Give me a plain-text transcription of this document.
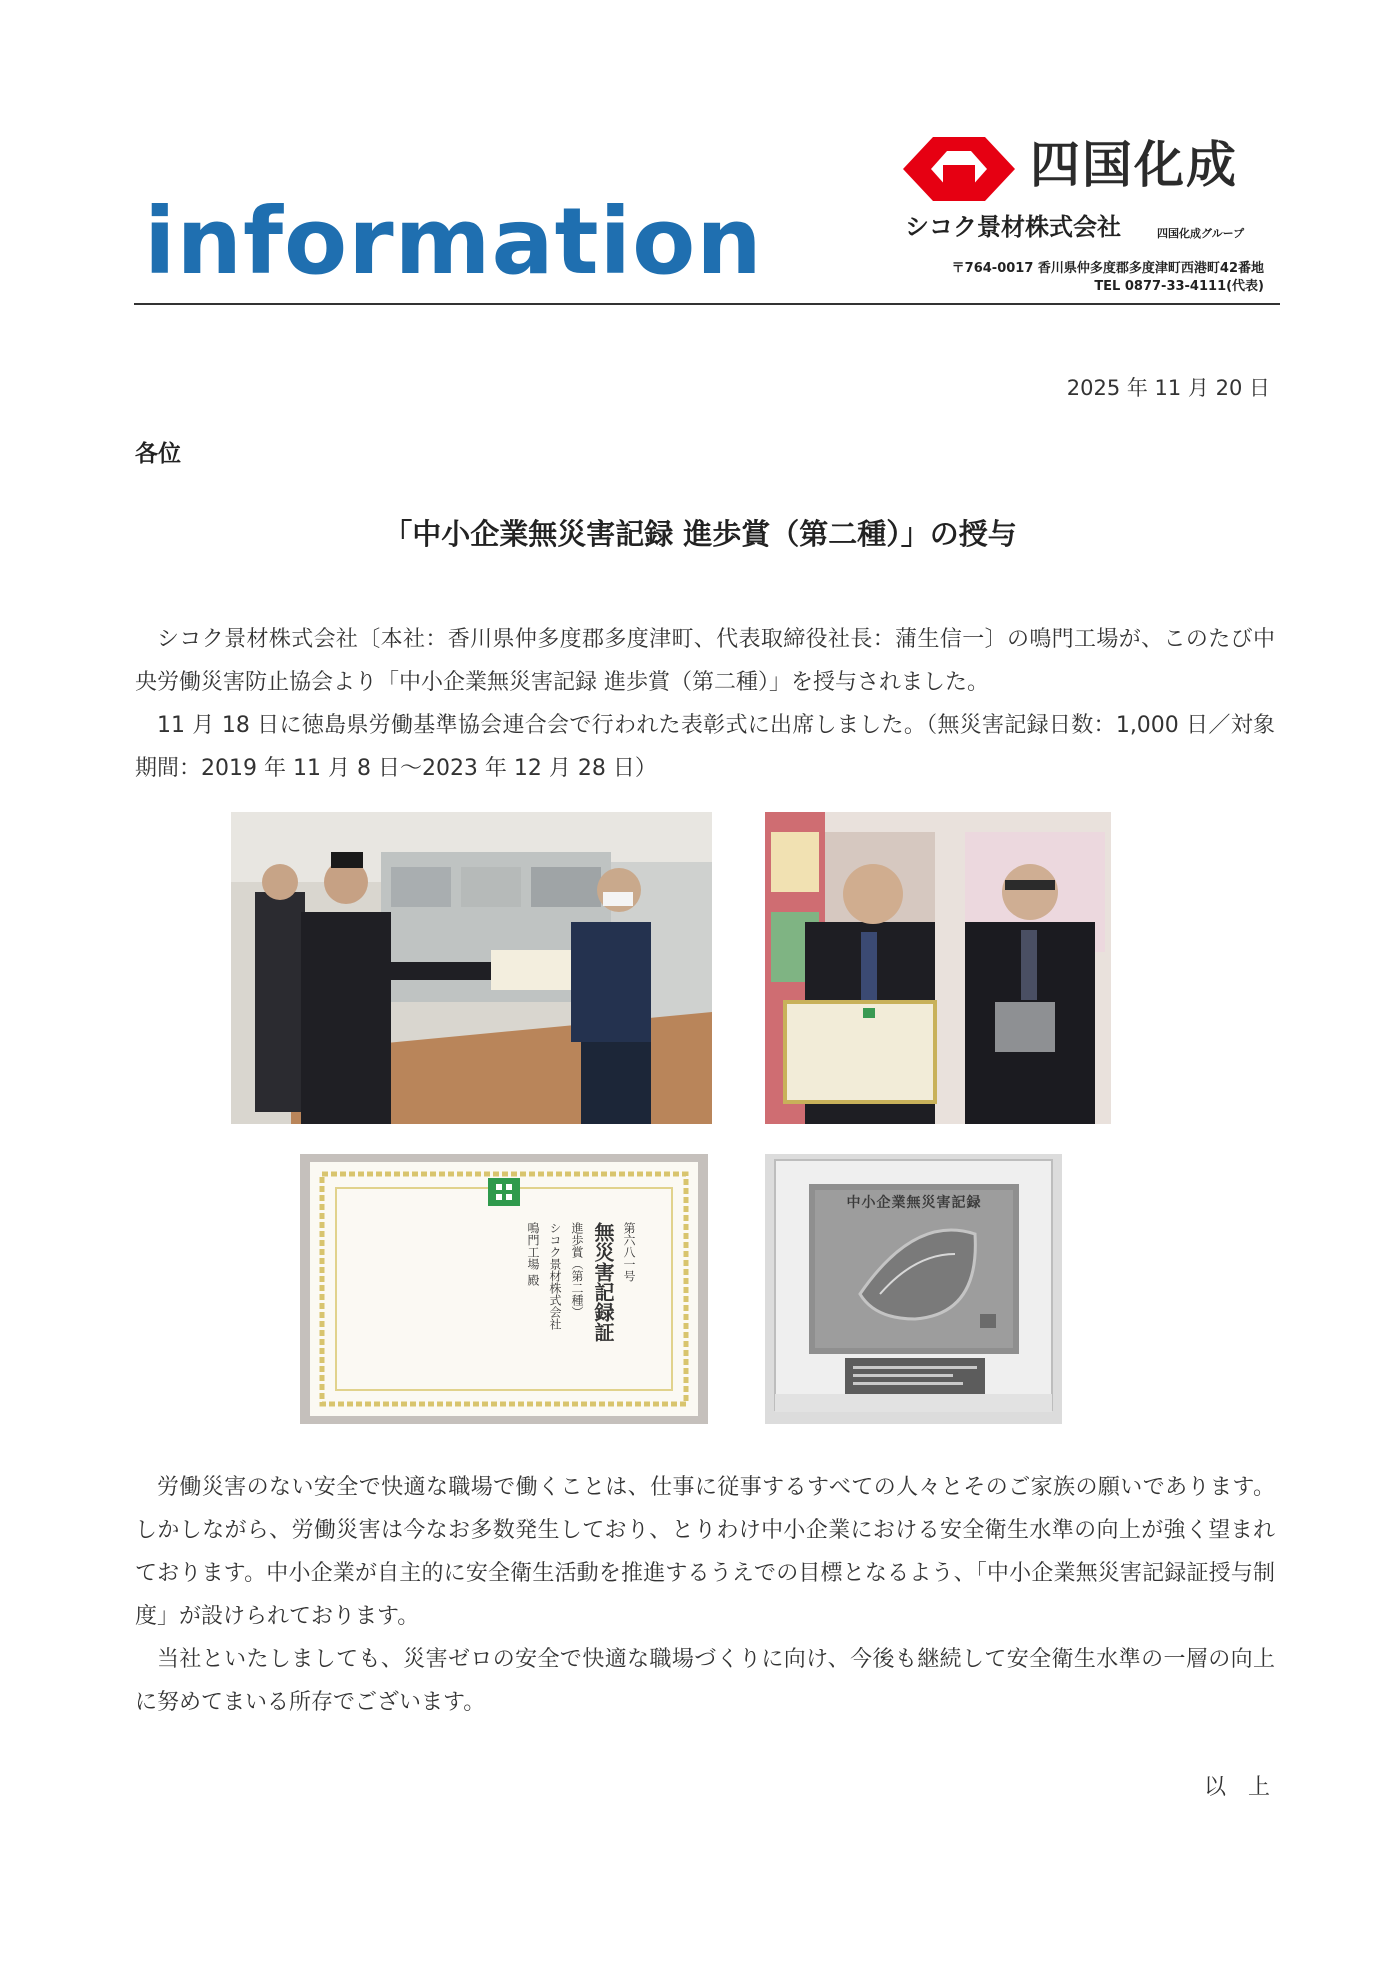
information
四国化成
シコク景材株式会社	四国化成グループ
〒764-0017 香川県仲多度郡多度津町西港町42番地
TEL 0877-33-4111(代表)
2025 年 11 月 20 日
各位
「中小企業無災害記録 進歩賞（第二種）」の授与

シコク景材株式会社〔本社：香川県仲多度郡多度津町、代表取締役社長：蒲生信一〕の鳴門工場が、このたび中央労働災害防止協会より「中小企業無災害記録 進歩賞（第二種）」を授与されました。

11 月 18 日に徳島県労働基準協会連合会で行われた表彰式に出席しました。（無災害記録日数：1,000 日／対象期間：2019 年 11 月 8 日～2023 年 12 月 28 日）

第六八一号
無災害記録証
進歩賞（第二種）
シコク景材株式会社
鳴門工場 殿
中小企業無災害記録

労働災害のない安全で快適な職場で働くことは、仕事に従事するすべての人々とそのご家族の願いであります。しかしながら、労働災害は今なお多数発生しており、とりわけ中小企業における安全衛生水準の向上が強く望まれております。中小企業が自主的に安全衛生活動を推進するうえでの目標となるよう、「中小企業無災害記録証授与制度」が設けられております。

当社といたしましても、災害ゼロの安全で快適な職場づくりに向け、今後も継続して安全衛生水準の一層の向上に努めてまいる所存でございます。

以　上
